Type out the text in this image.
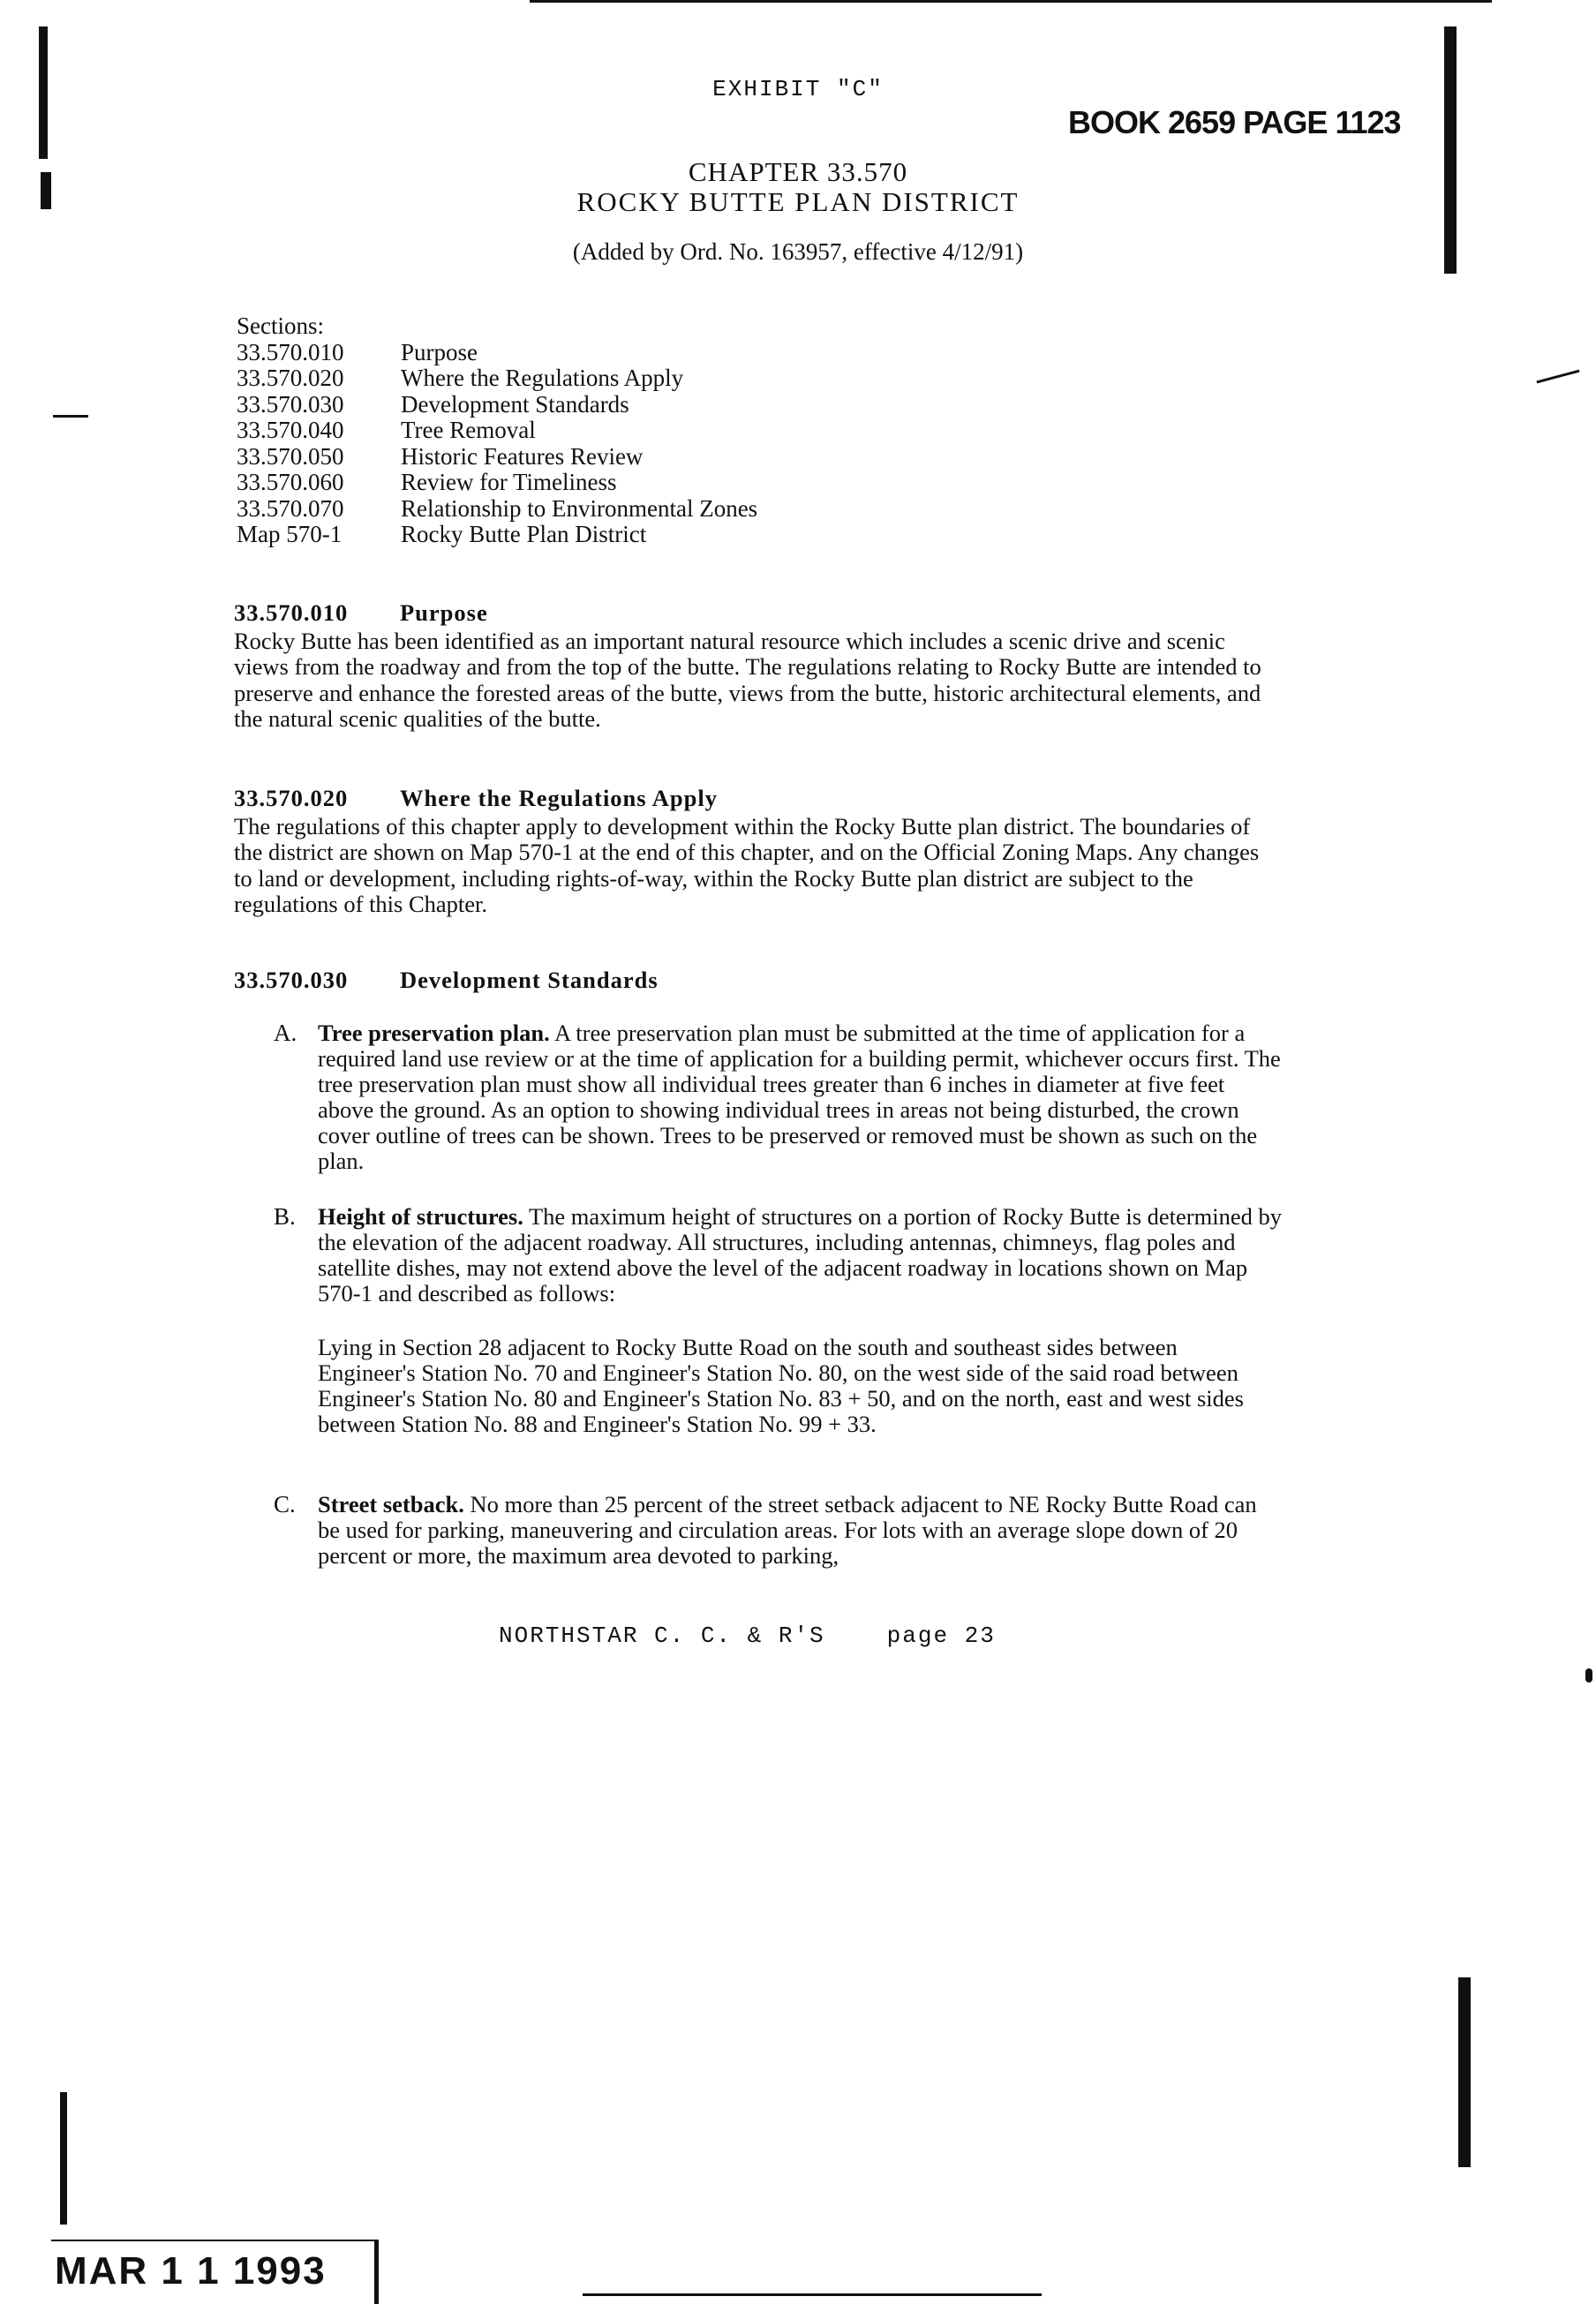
EXHIBIT "C"
BOOK 2659 PAGE 1123
CHAPTER 33.570
ROCKY BUTTE PLAN DISTRICT
(Added by Ord. No. 163957, effective 4/12/91)
Sections:
33.570.010	Purpose
33.570.020	Where the Regulations Apply
33.570.030	Development Standards
33.570.040	Tree Removal
33.570.050	Historic Features Review
33.570.060	Review for Timeliness
33.570.070	Relationship to Environmental Zones
Map 570-1	Rocky Butte Plan District
33.570.010 Purpose
Rocky Butte has been identified as an important natural resource which includes a scenic drive and scenic views from the roadway and from the top of the butte. The regulations relating to Rocky Butte are intended to preserve and enhance the forested areas of the butte, views from the butte, historic architectural elements, and the natural scenic qualities of the butte.
33.570.020 Where the Regulations Apply
The regulations of this chapter apply to development within the Rocky Butte plan district. The boundaries of the district are shown on Map 570-1 at the end of this chapter, and on the Official Zoning Maps. Any changes to land or development, including rights-of-way, within the Rocky Butte plan district are subject to the regulations of this Chapter.
33.570.030 Development Standards
A. Tree preservation plan. A tree preservation plan must be submitted at the time of application for a required land use review or at the time of application for a building permit, whichever occurs first. The tree preservation plan must show all individual trees greater than 6 inches in diameter at five feet above the ground. As an option to showing individual trees in areas not being disturbed, the crown cover outline of trees can be shown. Trees to be preserved or removed must be shown as such on the plan.
B. Height of structures. The maximum height of structures on a portion of Rocky Butte is determined by the elevation of the adjacent roadway. All structures, including antennas, chimneys, flag poles and satellite dishes, may not extend above the level of the adjacent roadway in locations shown on Map 570-1 and described as follows:
Lying in Section 28 adjacent to Rocky Butte Road on the south and southeast sides between Engineer's Station No. 70 and Engineer's Station No. 80, on the west side of the said road between Engineer's Station No. 80 and Engineer's Station No. 83 + 50, and on the north, east and west sides between Station No. 88 and Engineer's Station No. 99 + 33.
C. Street setback. No more than 25 percent of the street setback adjacent to NE Rocky Butte Road can be used for parking, maneuvering and circulation areas. For lots with an average slope down of 20 percent or more, the maximum area devoted to parking,
NORTHSTAR C. C. & R'S	page 23
MAR 1 1 1993
